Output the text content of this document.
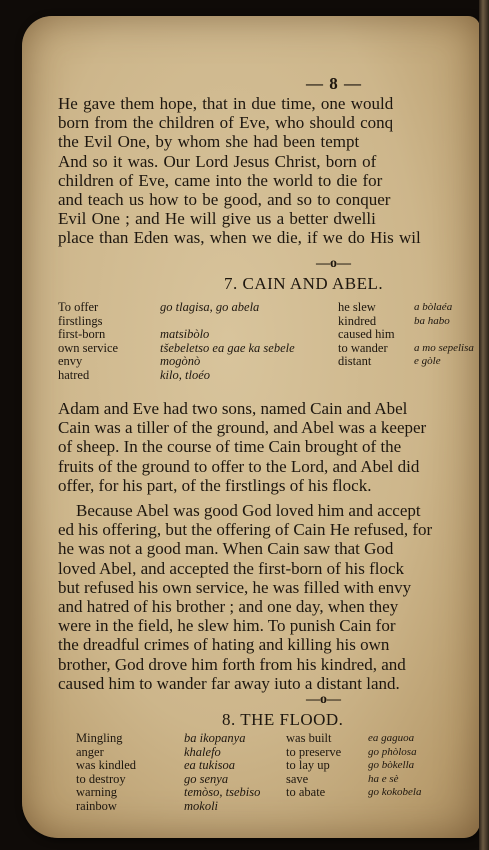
— 8 —
He gave them hope, that in due time, one would
born from the children of Eve, who should conq
the Evil One, by whom she had been tempt
And so it was. Our Lord Jesus Christ, born of
children of Eve, came into the world to die for
and teach us how to be good, and so to conquer
Evil One ; and He will give us a better dwelli
place than Eden was, when we die, if we do His wil
—o—
7. CAIN AND ABEL.
To offer
firstlings
first-born
own service
envy
hatred
go tlagisa, go abela

matsibòlo
tšebeletso ea gae ka sebele
mogònò
kilo, tloéo
he slew
kindred
caused him
to wander
distant
a bòlaéa
ba habo

a mo sepelisa
e gòle
Adam and Eve had two sons, named Cain and Abel
Cain was a tiller of the ground, and Abel was a keeper
of sheep. In the course of time Cain brought of the
fruits of the ground to offer to the Lord, and Abel did
offer, for his part, of the firstlings of his flock.
Because Abel was good God loved him and accept
ed his offering, but the offering of Cain He refused, for
he was not a good man. When Cain saw that God
loved Abel, and accepted the first-born of his flock
but refused his own service, he was filled with envy
and hatred of his brother ; and one day, when they
were in the field, he slew him. To punish Cain for
the dreadful crimes of hating and killing his own
brother, God drove him forth from his kindred, and
caused him to wander far away iuto a distant land.
—o—
8. THE FLOOD.
Mingling
anger
was kindled
to destroy
warning
rainbow
ba ikopanya
khalefo
ea tukisoa
go senya
temòso, tsebiso
mokoli
was built
to preserve
to lay up
save
to abate
ea gaguoa
go phòlosa
go bòkella
ha e sè
go kokobela
